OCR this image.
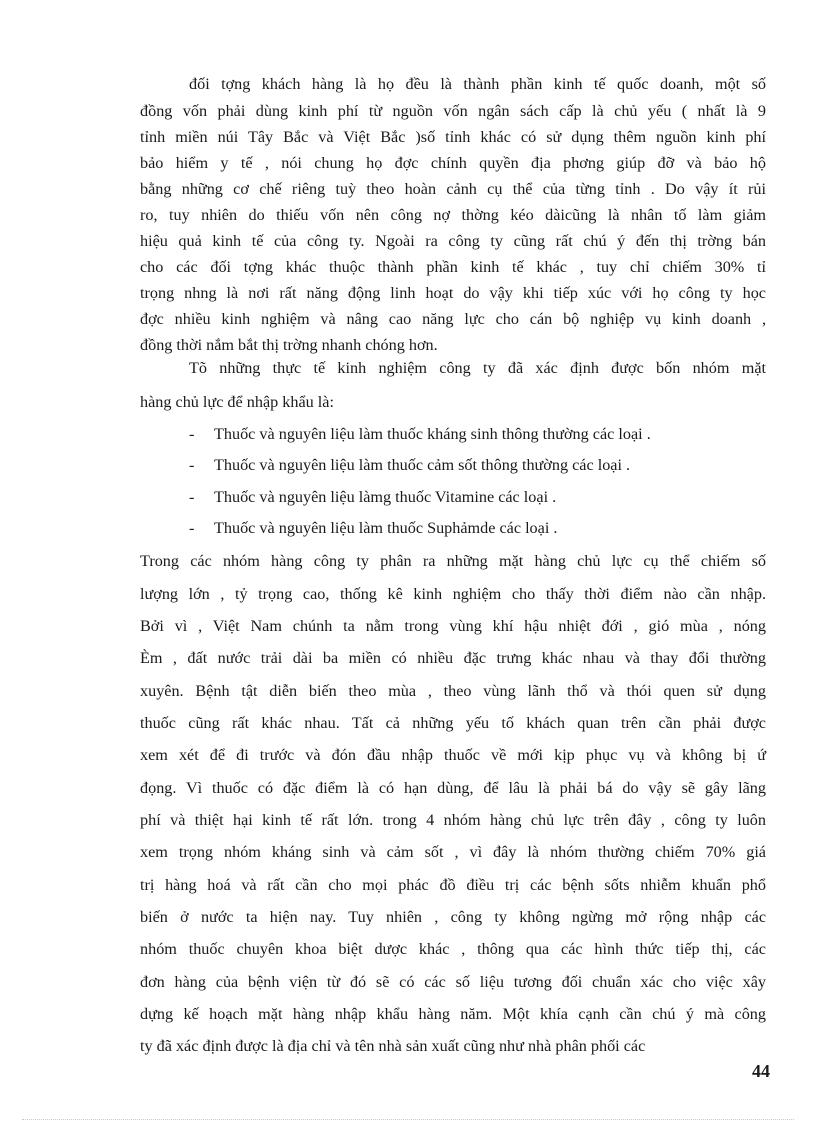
đối tợng khách hàng là họ đều là thành phần kinh tế quốc doanh, một số
đồng vốn phải dùng kinh phí từ nguồn vốn ngân sách cấp là chủ yếu ( nhất là 9
tỉnh miền núi Tây Bắc và Việt Bắc )số tỉnh khác có sử dụng thêm nguồn kinh phí
bảo hiểm y tế , nói chung họ đợc chính quyền địa phơng giúp đỡ và bảo hộ
bằng những cơ chế riêng tuỳ theo hoàn cảnh cụ thể của từng tỉnh . Do vậy ít rủi
ro, tuy nhiên do thiếu vốn nên công nợ thờng kéo dàicũng là nhân tố làm giảm
hiệu quả kinh tế của công ty. Ngoài ra công ty cũng rất chú ý đến thị trờng bán
cho các đối tợng khác thuộc thành phần kinh tế khác , tuy chỉ chiếm 30% tỉ
trọng nhng là nơi rất năng động linh hoạt do vậy khi tiếp xúc với họ công ty học
đợc nhiều kinh nghiệm và nâng cao năng lực cho cán bộ nghiệp vụ kinh doanh ,
đồng thời nắm bắt thị trờng nhanh chóng hơn.
Tõ những thực tế kinh nghiệm công ty đã xác định được bốn nhóm mặt
hàng chủ lực để nhập khẩu là:
- Thuốc và nguyên liệu làm thuốc kháng sinh thông thường các loại .
- Thuốc và nguyên liệu làm thuốc cảm sốt thông thường các loại .
- Thuốc và nguyên liệu làmg thuốc Vitamine các loại .
- Thuốc và nguyên liệu làm thuốc Suphảmde các loại .
Trong các nhóm hàng công ty phân ra những mặt hàng chủ lực cụ thể chiếm số
lượng lớn , tỷ trọng cao, thống kê kinh nghiệm cho thấy thời điểm nào cần nhập.
Bởi vì , Việt Nam chúnh ta nằm trong vùng khí hậu nhiệt đới , gió mùa , nóng
Èm , đất nước trải dài ba miền có nhiều đặc trưng khác nhau và thay đổi thường
xuyên. Bệnh tật diễn biến theo mùa , theo vùng lãnh thổ và thói quen sử dụng
thuốc cũng rất khác nhau. Tất cả những yếu tố khách quan trên cần phải được
xem xét để đi trước và đón đầu nhập thuốc về mới kịp phục vụ và không bị ứ
đọng. Vì thuốc có đặc điểm là có hạn dùng, để lâu là phải bá do vậy sẽ gây lãng
phí và thiệt hại kinh tế rất lớn. trong 4 nhóm hàng chủ lực trên đây , công ty luôn
xem trọng nhóm kháng sinh và cảm sốt , vì đây là nhóm thường chiếm 70% giá
trị hàng hoá và rất cần cho mọi phác đồ điều trị các bệnh sốts nhiễm khuẩn phổ
biến ở nước ta hiện nay. Tuy nhiên , công ty không ngừng mở rộng nhập các
nhóm thuốc chuyên khoa biệt dược khác , thông qua các hình thức tiếp thị, các
đơn hàng của bệnh viện từ đó sẽ có các số liệu tương đối chuẩn xác cho việc xây
dựng kế hoạch mặt hàng nhập khẩu hàng năm. Một khía cạnh cần chú ý mà công
ty đã xác định được là địa chỉ và tên nhà sản xuất cũng như nhà phân phối các
44
